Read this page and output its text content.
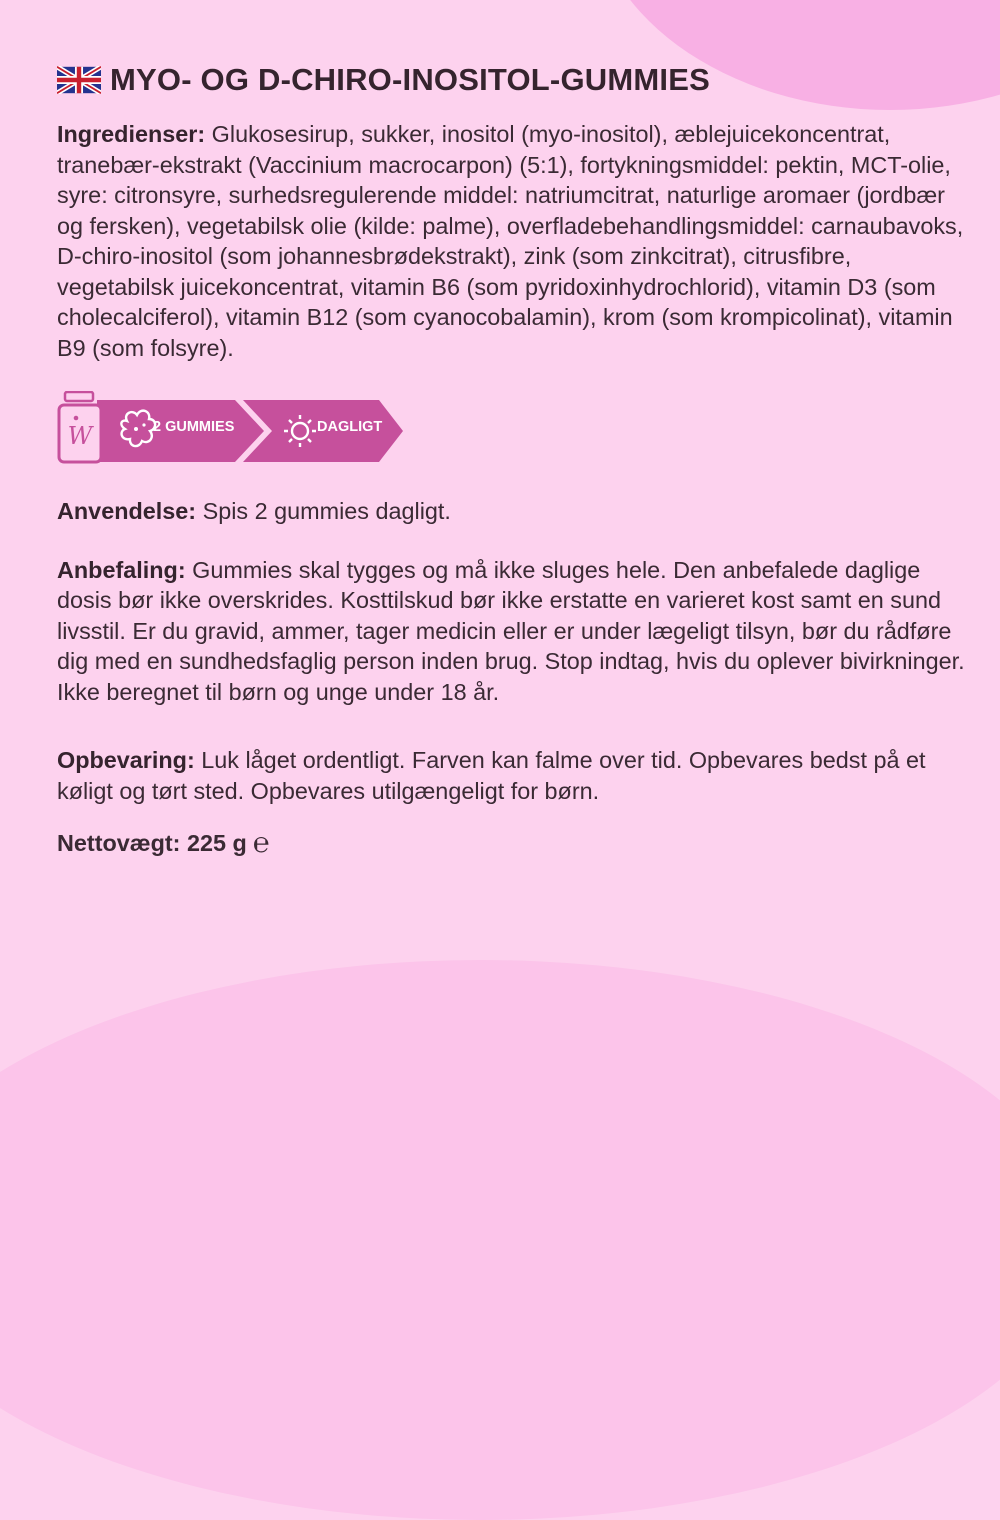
MYO- OG D-CHIRO-INOSITOL-GUMMIES

Ingredienser: Glukosesirup, sukker, inositol (myo-inositol), æblejuicekoncentrat, tranebær-ekstrakt (Vaccinium macrocarpon) (5:1), fortykningsmiddel: pektin, MCT-olie, syre: citronsyre, surhedsregulerende middel: natriumcitrat, naturlige aromaer (jordbær og fersken), vegetabilsk olie (kilde: palme), overfladebehandlingsmiddel: carnaubavoks, D-chiro-inositol (som johannesbrødekstrakt), zink (som zinkcitrat), citrusfibre, vegetabilsk juicekoncentrat, vitamin B6 (som pyridoxinhydrochlorid), vitamin D3 (som cholecalciferol), vitamin B12 (som cyanocobalamin), krom (som krompicolinat), vitamin B9 (som folsyre).

W	2 GUMMIES	DAGLIGT

Anvendelse: Spis 2 gummies dagligt.

Anbefaling: Gummies skal tygges og må ikke sluges hele. Den anbefalede daglige dosis bør ikke overskrides. Kosttilskud bør ikke erstatte en varieret kost samt en sund livsstil. Er du gravid, ammer, tager medicin eller er under lægeligt tilsyn, bør du rådføre dig med en sundhedsfaglig person inden brug. Stop indtag, hvis du oplever bivirkninger. Ikke beregnet til børn og unge under 18 år.

Opbevaring: Luk låget ordentligt. Farven kan falme over tid. Opbevares bedst på et køligt og tørt sted. Opbevares utilgængeligt for børn.

Nettovægt: 225 g ℮
